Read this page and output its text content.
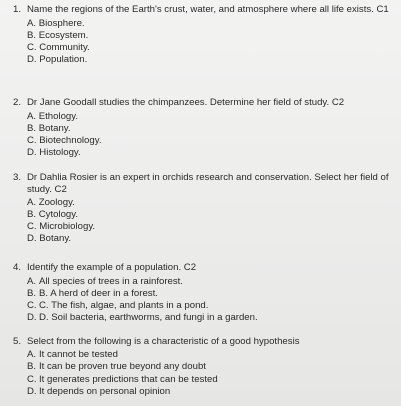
1. Name the regions of the Earth's crust, water, and atmosphere where all life exists. C1
A. Biosphere.
B. Ecosystem.
C. Community.
D. Population.
2. Dr Jane Goodall studies the chimpanzees. Determine her field of study. C2
A. Ethology.
B. Botany.
C. Biotechnology.
D. Histology.
3. Dr Dahlia Rosier is an expert in orchids research and conservation. Select her field of study. C2
A. Zoology.
B. Cytology.
C. Microbiology.
D. Botany.
4. Identify the example of a population. C2
A. All species of trees in a rainforest.
B. B. A herd of deer in a forest.
C. C. The fish, algae, and plants in a pond.
D. D. Soil bacteria, earthworms, and fungi in a garden.
5. Select from the following is a characteristic of a good hypothesis
A. It cannot be tested
B. It can be proven true beyond any doubt
C. It generates predictions that can be tested
D. It depends on personal opinion
